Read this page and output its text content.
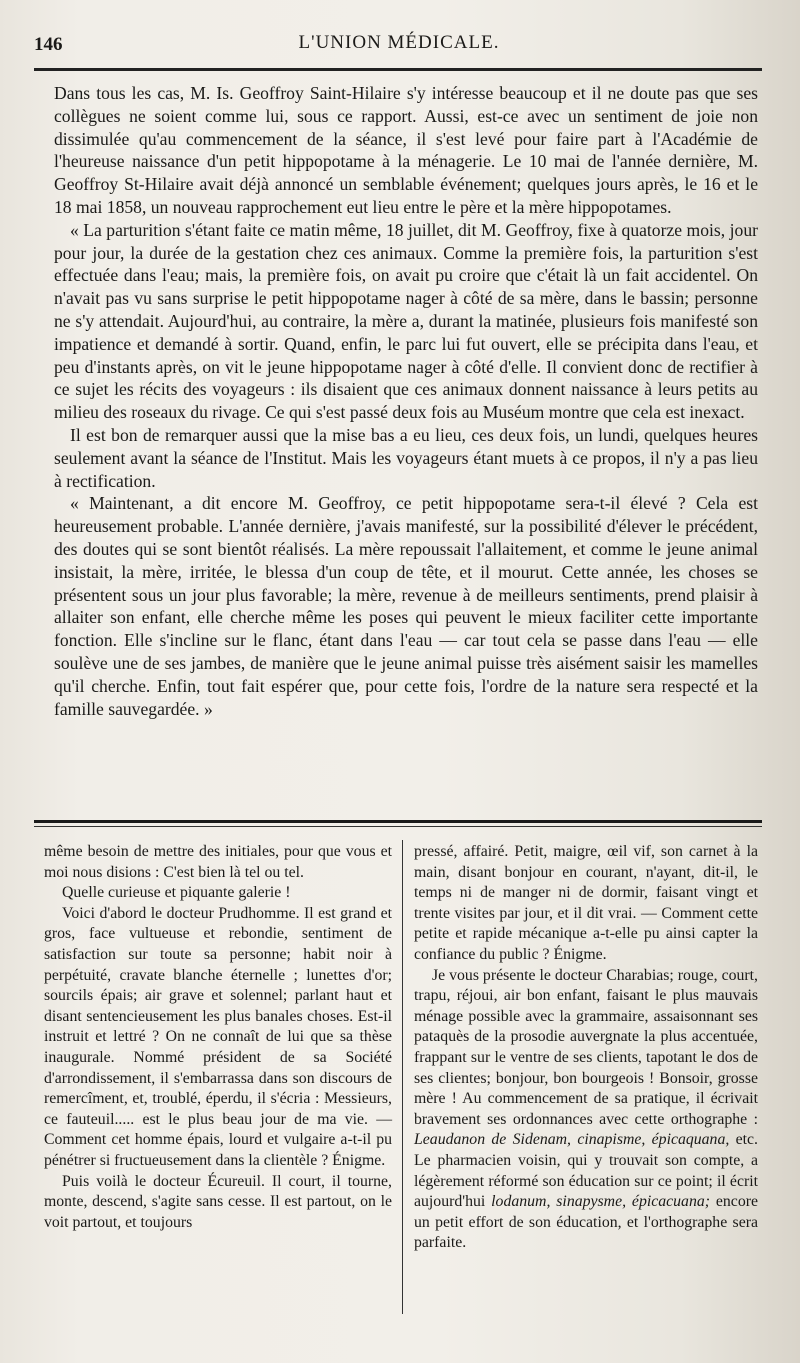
146	L'UNION MÉDICALE.

Dans tous les cas, M. Is. Geoffroy Saint-Hilaire s'y intéresse beaucoup et il ne doute pas que ses collègues ne soient comme lui, sous ce rapport. Aussi, est-ce avec un sentiment de joie non dissimulée qu'au commencement de la séance, il s'est levé pour faire part à l'Académie de l'heureuse naissance d'un petit hippopotame à la ménagerie. Le 10 mai de l'année dernière, M. Geoffroy St-Hilaire avait déjà annoncé un semblable événement; quelques jours après, le 16 et le 18 mai 1858, un nouveau rapprochement eut lieu entre le père et la mère hippopotames.

« La parturition s'étant faite ce matin même, 18 juillet, dit M. Geoffroy, fixe à quatorze mois, jour pour jour, la durée de la gestation chez ces animaux. Comme la première fois, la parturition s'est effectuée dans l'eau; mais, la première fois, on avait pu croire que c'était là un fait accidentel. On n'avait pas vu sans surprise le petit hippopotame nager à côté de sa mère, dans le bassin; personne ne s'y attendait. Aujourd'hui, au contraire, la mère a, durant la matinée, plusieurs fois manifesté son impatience et demandé à sortir. Quand, enfin, le parc lui fut ouvert, elle se précipita dans l'eau, et peu d'instants après, on vit le jeune hippopotame nager à côté d'elle. Il convient donc de rectifier à ce sujet les récits des voyageurs : ils disaient que ces animaux donnent naissance à leurs petits au milieu des roseaux du rivage. Ce qui s'est passé deux fois au Muséum montre que cela est inexact.

Il est bon de remarquer aussi que la mise bas a eu lieu, ces deux fois, un lundi, quelques heures seulement avant la séance de l'Institut. Mais les voyageurs étant muets à ce propos, il n'y a pas lieu à rectification.

« Maintenant, a dit encore M. Geoffroy, ce petit hippopotame sera-t-il élevé ? Cela est heureusement probable. L'année dernière, j'avais manifesté, sur la possibilité d'élever le précédent, des doutes qui se sont bientôt réalisés. La mère repoussait l'allaitement, et comme le jeune animal insistait, la mère, irritée, le blessa d'un coup de tête, et il mourut. Cette année, les choses se présentent sous un jour plus favorable; la mère, revenue à de meilleurs sentiments, prend plaisir à allaiter son enfant, elle cherche même les poses qui peuvent le mieux faciliter cette importante fonction. Elle s'incline sur le flanc, étant dans l'eau — car tout cela se passe dans l'eau — elle soulève une de ses jambes, de manière que le jeune animal puisse très aisément saisir les mamelles qu'il cherche. Enfin, tout fait espérer que, pour cette fois, l'ordre de la nature sera respecté et la famille sauvegardée. »

même besoin de mettre des initiales, pour que vous et moi nous disions : C'est bien là tel ou tel.

Quelle curieuse et piquante galerie !

Voici d'abord le docteur Prudhomme. Il est grand et gros, face vultueuse et rebondie, sentiment de satisfaction sur toute sa personne; habit noir à perpétuité, cravate blanche éternelle ; lunettes d'or; sourcils épais; air grave et solennel; parlant haut et disant sentencieusement les plus banales choses. Est-il instruit et lettré ? On ne connaît de lui que sa thèse inaugurale. Nommé président de sa Société d'arrondissement, il s'embarrassa dans son discours de remercîment, et, troublé, éperdu, il s'écria : Messieurs, ce fauteuil..... est le plus beau jour de ma vie. — Comment cet homme épais, lourd et vulgaire a-t-il pu pénétrer si fructueusement dans la clientèle ? Énigme.

Puis voilà le docteur Écureuil. Il court, il tourne, monte, descend, s'agite sans cesse. Il est partout, on le voit partout, et toujours

pressé, affairé. Petit, maigre, œil vif, son carnet à la main, disant bonjour en courant, n'ayant, dit-il, le temps ni de manger ni de dormir, faisant vingt et trente visites par jour, et il dit vrai. — Comment cette petite et rapide mécanique a-t-elle pu ainsi capter la confiance du public ? Énigme.

Je vous présente le docteur Charabias; rouge, court, trapu, réjoui, air bon enfant, faisant le plus mauvais ménage possible avec la grammaire, assaisonnant ses pataquès de la prosodie auvergnate la plus accentuée, frappant sur le ventre de ses clients, tapotant le dos de ses clientes; bonjour, bon bourgeois ! Bonsoir, grosse mère ! Au commencement de sa pratique, il écrivait bravement ses ordonnances avec cette orthographe : Leaudanon de Sidenam, cinapisme, épicaquana, etc. Le pharmacien voisin, qui y trouvait son compte, a légèrement réformé son éducation sur ce point; il écrit aujourd'hui lodanum, sinapysme, épicacuana; encore un petit effort de son éducation, et l'orthographe sera parfaite.
